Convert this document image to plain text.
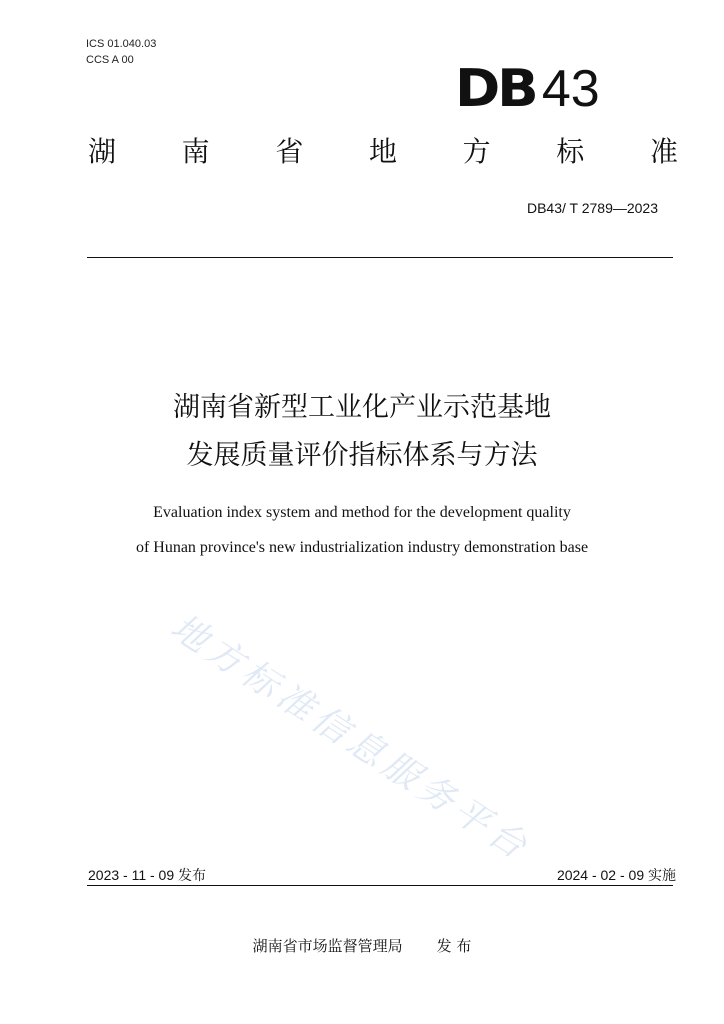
ICS 01.040.03
CCS A 00	DB 43
湖 南 省 地 方 标 准
DB43/ T 2789—2023
湖南省新型工业化产业示范基地
发展质量评价指标体系与方法
Evaluation index system and method for the development quality
of Hunan province's new industrialization industry demonstration base
地方标准信息服务平台
2023 - 11 - 09 发布	2024 - 02 - 09 实施
湖南省市场监督管理局 发 布
